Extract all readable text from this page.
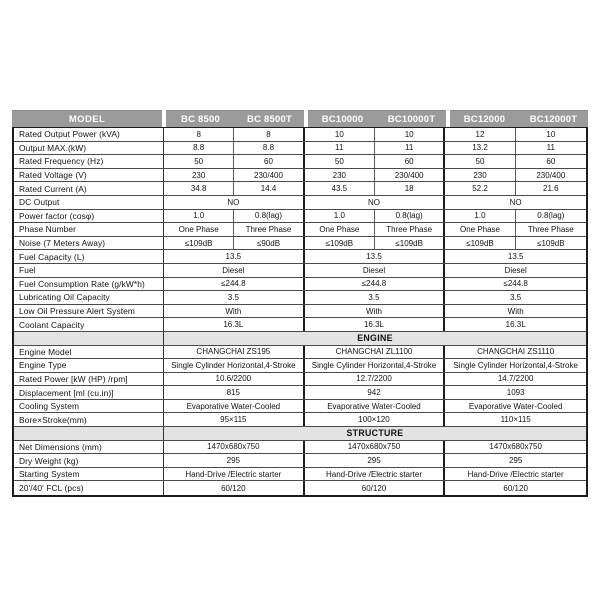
MODEL	BC 8500	BC 8500T	BC10000	BC10000T	BC12000	BC12000T
Rated Output Power (kVA)	8	8	10	10	12	10
Output MAX.(kW)	8.8	8.8	11	11	13.2	11
Rated Frequency (Hz)	50	60	50	60	50	60
Rated Voltage (V)	230	230/400	230	230/400	230	230/400
Rated Current (A)	34.8	14.4	43.5	18	52.2	21.6
DC Output	NO	NO	NO
Power factor (cosφ)	1.0	0.8(lag)	1.0	0.8(lag)	1.0	0.8(lag)
Phase Number	One Phase	Three Phase	One Phase	Three Phase	One Phase	Three Phase
Noise (7 Meters Away)	≤109dB	≤90dB	≤109dB	≤109dB	≤109dB	≤109dB
Fuel Capacity (L)	13.5	13.5	13.5
Fuel	Diesel	Diesel	Diesel
Fuel Consumption Rate (g/kW*h)	≤244.8	≤244.8	≤244.8
Lubricating Oil Capacity	3.5	3.5	3.5
Low Oil Pressure Alert System	With	With	With
Coolant Capacity	16.3L	16.3L	16.3L
ENGINE
Engine Model	CHANGCHAI ZS195	CHANGCHAI ZL1100	CHANGCHAI ZS1110
Engine Type	Single Cylinder Horizontal,4-Stroke	Single Cylinder Horizontal,4-Stroke	Single Cylinder Horizontal,4-Stroke
Rated Power [kW (HP) /rpm]	10.6/2200	12.7/2200	14.7/2200
Displacement [ml (cu.in)]	815	942	1093
Cooling System	Evaporative Water-Cooled	Evaporative Water-Cooled	Evaporative Water-Cooled
Bore×Stroke(mm)	95×115	100×120	110×115
STRUCTURE
Net Dimensions (mm)	1470x680x750	1470x680x750	1470x680x750
Dry Weight (kg)	295	295	295
Starting System	Hand-Drive /Electric starter	Hand-Drive /Electric starter	Hand-Drive /Electric starter
20'/40' FCL (pcs)	60/120	60/120	60/120
